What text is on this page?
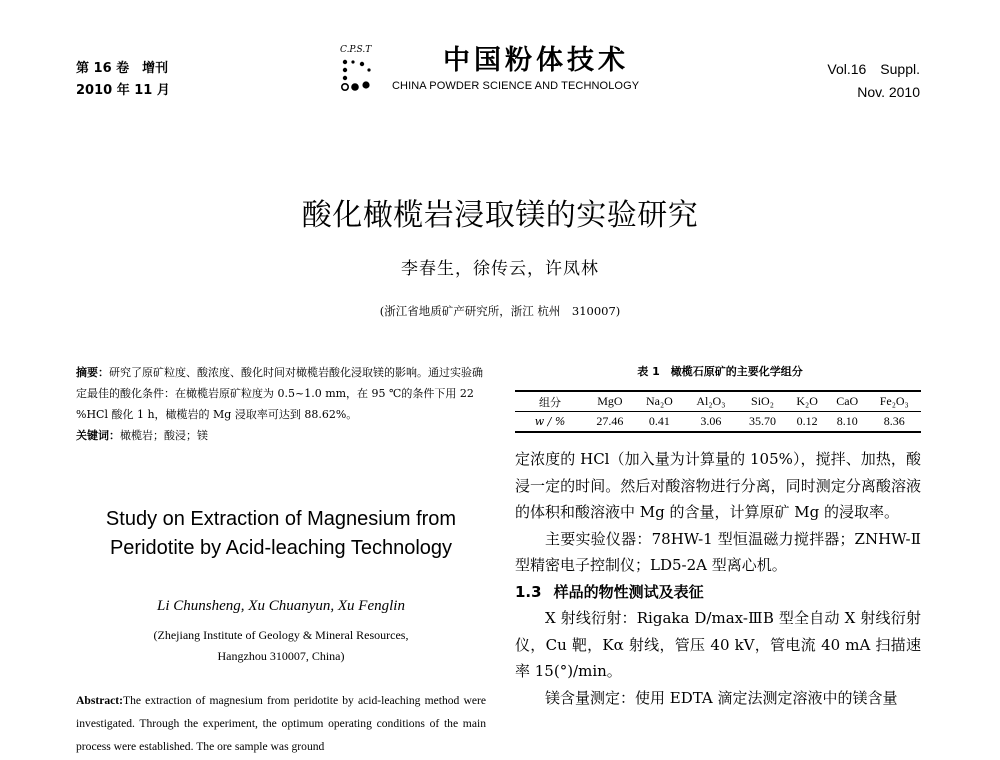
第 16 卷　增刊
2010 年 11 月
C.P.S.T	中国粉体技术
CHINA POWDER SCIENCE AND TECHNOLOGY
Vol.16　Suppl.
Nov. 2010
酸化橄榄岩浸取镁的实验研究
李春生，徐传云，许凤林
(浙江省地质矿产研究所，浙江 杭州　310007)
摘要：研究了原矿粒度、酸浓度、酸化时间对橄榄岩酸化浸取镁的影响。通过实验确定最佳的酸化条件：在橄榄岩原矿粒度为 0.5~1.0 mm，在 95 ℃的条件下用 22 %HCl 酸化 1 h，橄榄岩的 Mg 浸取率可达到 88.62%。
关键词：橄榄岩；酸浸；镁
Study on Extraction of Magnesium from Peridotite by Acid-leaching Technology
Li Chunsheng, Xu Chuanyun, Xu Fenglin
(Zhejiang Institute of Geology & Mineral Resources,
Hangzhou 310007, China)
Abstract:The extraction of magnesium from peridotite by acid-leaching method were investigated. Through the experiment, the optimum operating conditions of the main process were established. The ore sample was ground
表 1　橄榄石原矿的主要化学组分
组分	MgO	Na₂O	Al₂O₃	SiO₂	K₂O	CaO	Fe₂O₃
w / %	27.46	0.41	3.06	35.70	0.12	8.10	8.36

定浓度的 HCl（加入量为计算量的 105%），搅拌、加热，酸浸一定的时间。然后对酸溶物进行分离，同时测定分离酸溶液的体积和酸溶液中 Mg 的含量，计算原矿 Mg 的浸取率。

主要实验仪器：78HW-1 型恒温磁力搅拌器；ZNHW-Ⅱ型精密电子控制仪；LD5-2A 型离心机。

1.3 样品的物性测试及表征

X 射线衍射：Rigaka D/max-ⅢB 型全自动 X 射线衍射仪，Cu 靶，Kα 射线，管压 40 kV，管电流 40 mA 扫描速率 15(°)/min。

镁含量测定：使用 EDTA 滴定法测定溶液中的镁含量
